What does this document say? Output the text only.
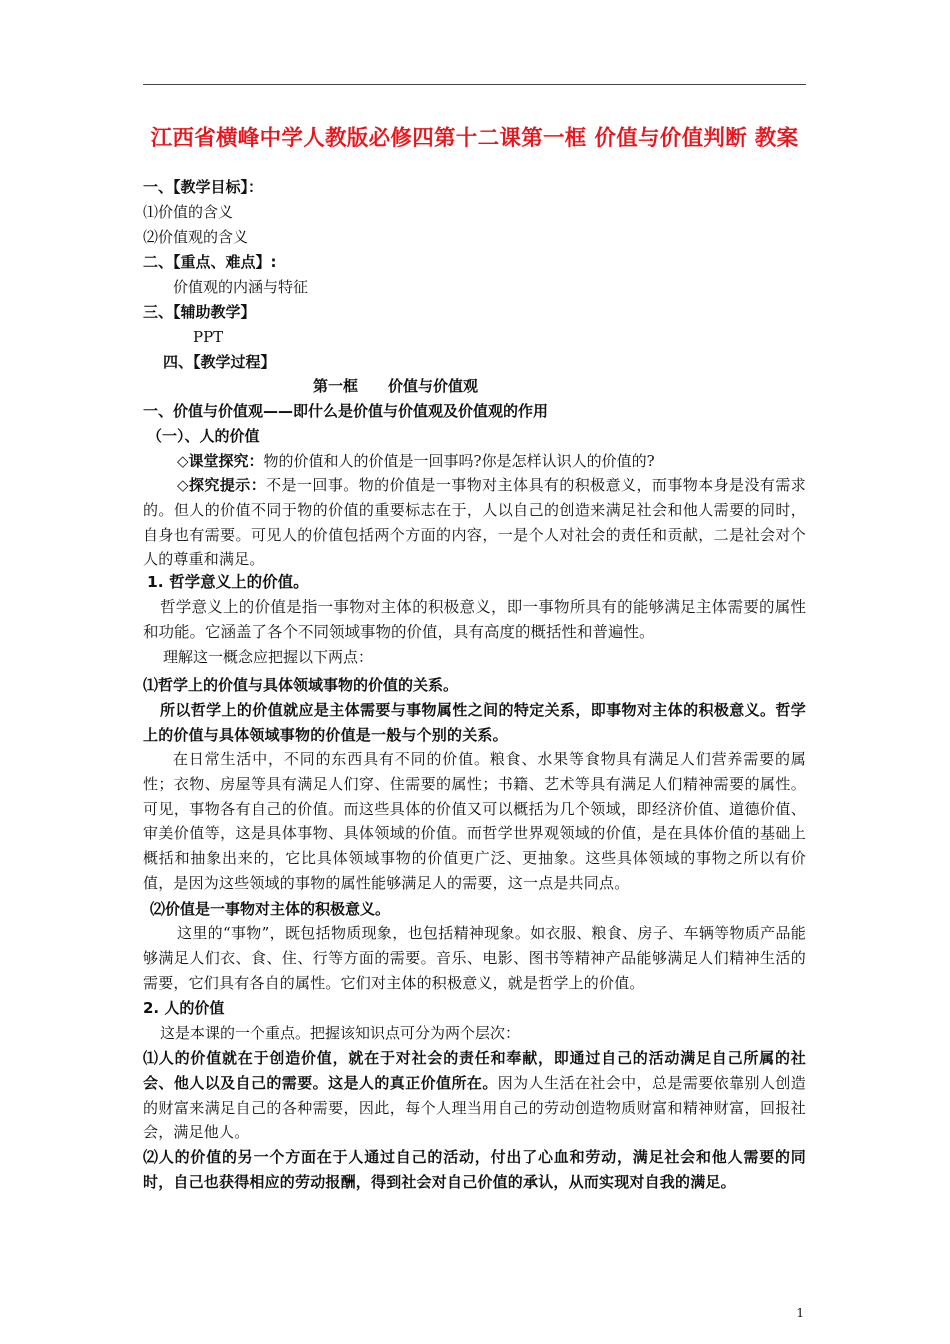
江西省横峰中学人教版必修四第十二课第一框 价值与价值判断 教案
一、【教学目标】：
⑴价值的含义
⑵价值观的含义
二、【重点、难点】:
价值观的内涵与特征
三、【辅助教学】
PPT
四、【教学过程】
第一框　　价值与价值观
一、价值与价值观——即什么是价值与价值观及价值观的作用
（一）、人的价值
◇课堂探究：物的价值和人的价值是一回事吗?你是怎样认识人的价值的?
◇探究提示：不是一回事。物的价值是一事物对主体具有的积极意义，而事物本身是没有需求的。但人的价值不同于物的价值的重要标志在于，人以自己的创造来满足社会和他人需要的同时，自身也有需要。可见人的价值包括两个方面的内容，一是个人对社会的责任和贡献，二是社会对个人的尊重和满足。
1. 哲学意义上的价值。
哲学意义上的价值是指一事物对主体的积极意义，即一事物所具有的能够满足主体需要的属性和功能。它涵盖了各个不同领域事物的价值，具有高度的概括性和普遍性。
理解这一概念应把握以下两点：
⑴哲学上的价值与具体领域事物的价值的关系。
所以哲学上的价值就应是主体需要与事物属性之间的特定关系，即事物对主体的积极意义。哲学上的价值与具体领域事物的价值是一般与个别的关系。
在日常生活中，不同的东西具有不同的价值。粮食、水果等食物具有满足人们营养需要的属性；衣物、房屋等具有满足人们穿、住需要的属性；书籍、艺术等具有满足人们精神需要的属性。可见，事物各有自己的价值。而这些具体的价值又可以概括为几个领域，即经济价值、道德价值、审美价值等，这是具体事物、具体领域的价值。而哲学世界观领域的价值，是在具体价值的基础上概括和抽象出来的，它比具体领域事物的价值更广泛、更抽象。这些具体领域的事物之所以有价值，是因为这些领域的事物的属性能够满足人的需要，这一点是共同点。
⑵价值是一事物对主体的积极意义。
这里的“事物”，既包括物质现象，也包括精神现象。如衣服、粮食、房子、车辆等物质产品能够满足人们衣、食、住、行等方面的需要。音乐、电影、图书等精神产品能够满足人们精神生活的需要，它们具有各自的属性。它们对主体的积极意义，就是哲学上的价值。
2. 人的价值
这是本课的一个重点。把握该知识点可分为两个层次：
⑴人的价值就在于创造价值，就在于对社会的责任和奉献，即通过自己的活动满足自己所属的社会、他人以及自己的需要。这是人的真正价值所在。因为人生活在社会中，总是需要依靠别人创造的财富来满足自己的各种需要，因此，每个人理当用自己的劳动创造物质财富和精神财富，回报社会，满足他人。
⑵人的价值的另一个方面在于人通过自己的活动，付出了心血和劳动，满足社会和他人需要的同时，自己也获得相应的劳动报酬，得到社会对自己价值的承认，从而实现对自我的满足。
1
